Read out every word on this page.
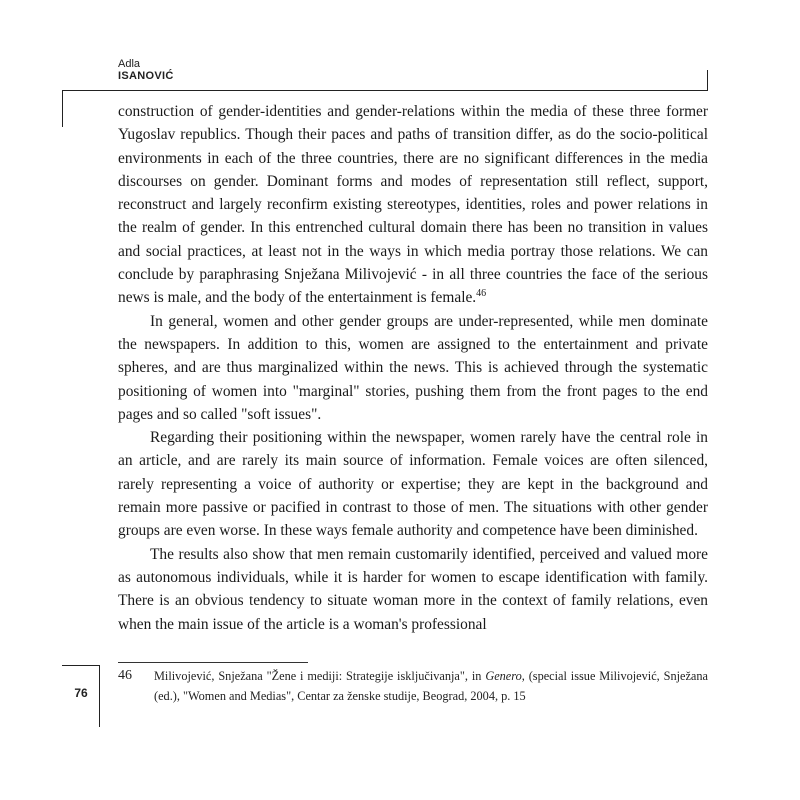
Adla
ISANOVIĆ

construction of gender-identities and gender-relations within the media of these three former Yugoslav republics. Though their paces and paths of transition differ, as do the socio-political environments in each of the three countries, there are no significant differences in the media discourses on gender. Dominant forms and modes of representation still reflect, support, reconstruct and largely reconfirm existing stereotypes, identities, roles and power relations in the realm of gender. In this entrenched cultural domain there has been no transition in values and social practices, at least not in the ways in which media portray those relations. We can conclude by paraphrasing Snježana Milivojević - in all three countries the face of the serious news is male, and the body of the entertainment is female.$^{46}$

In general, women and other gender groups are under-represented, while men dominate the newspapers. In addition to this, women are assigned to the entertainment and private spheres, and are thus marginalized within the news. This is achieved through the systematic positioning of women into "marginal" stories, pushing them from the front pages to the end pages and so called "soft issues".

Regarding their positioning within the newspaper, women rarely have the central role in an article, and are rarely its main source of information. Female voices are often silenced, rarely representing a voice of authority or expertise; they are kept in the background and remain more passive or pacified in contrast to those of men. The situations with other gender groups are even worse. In these ways female authority and competence have been diminished.

The results also show that men remain customarily identified, perceived and valued more as autonomous individuals, while it is harder for women to escape identification with family. There is an obvious tendency to situate woman more in the context of family relations, even when the main issue of the article is a woman's professional

46 Milivojević, Snježana "Žene i mediji: Strategije isključivanja", in Genero, (special issue Milivojević, Snježana (ed.), "Women and Medias", Centar za ženske studije, Beograd, 2004, p. 15
76
